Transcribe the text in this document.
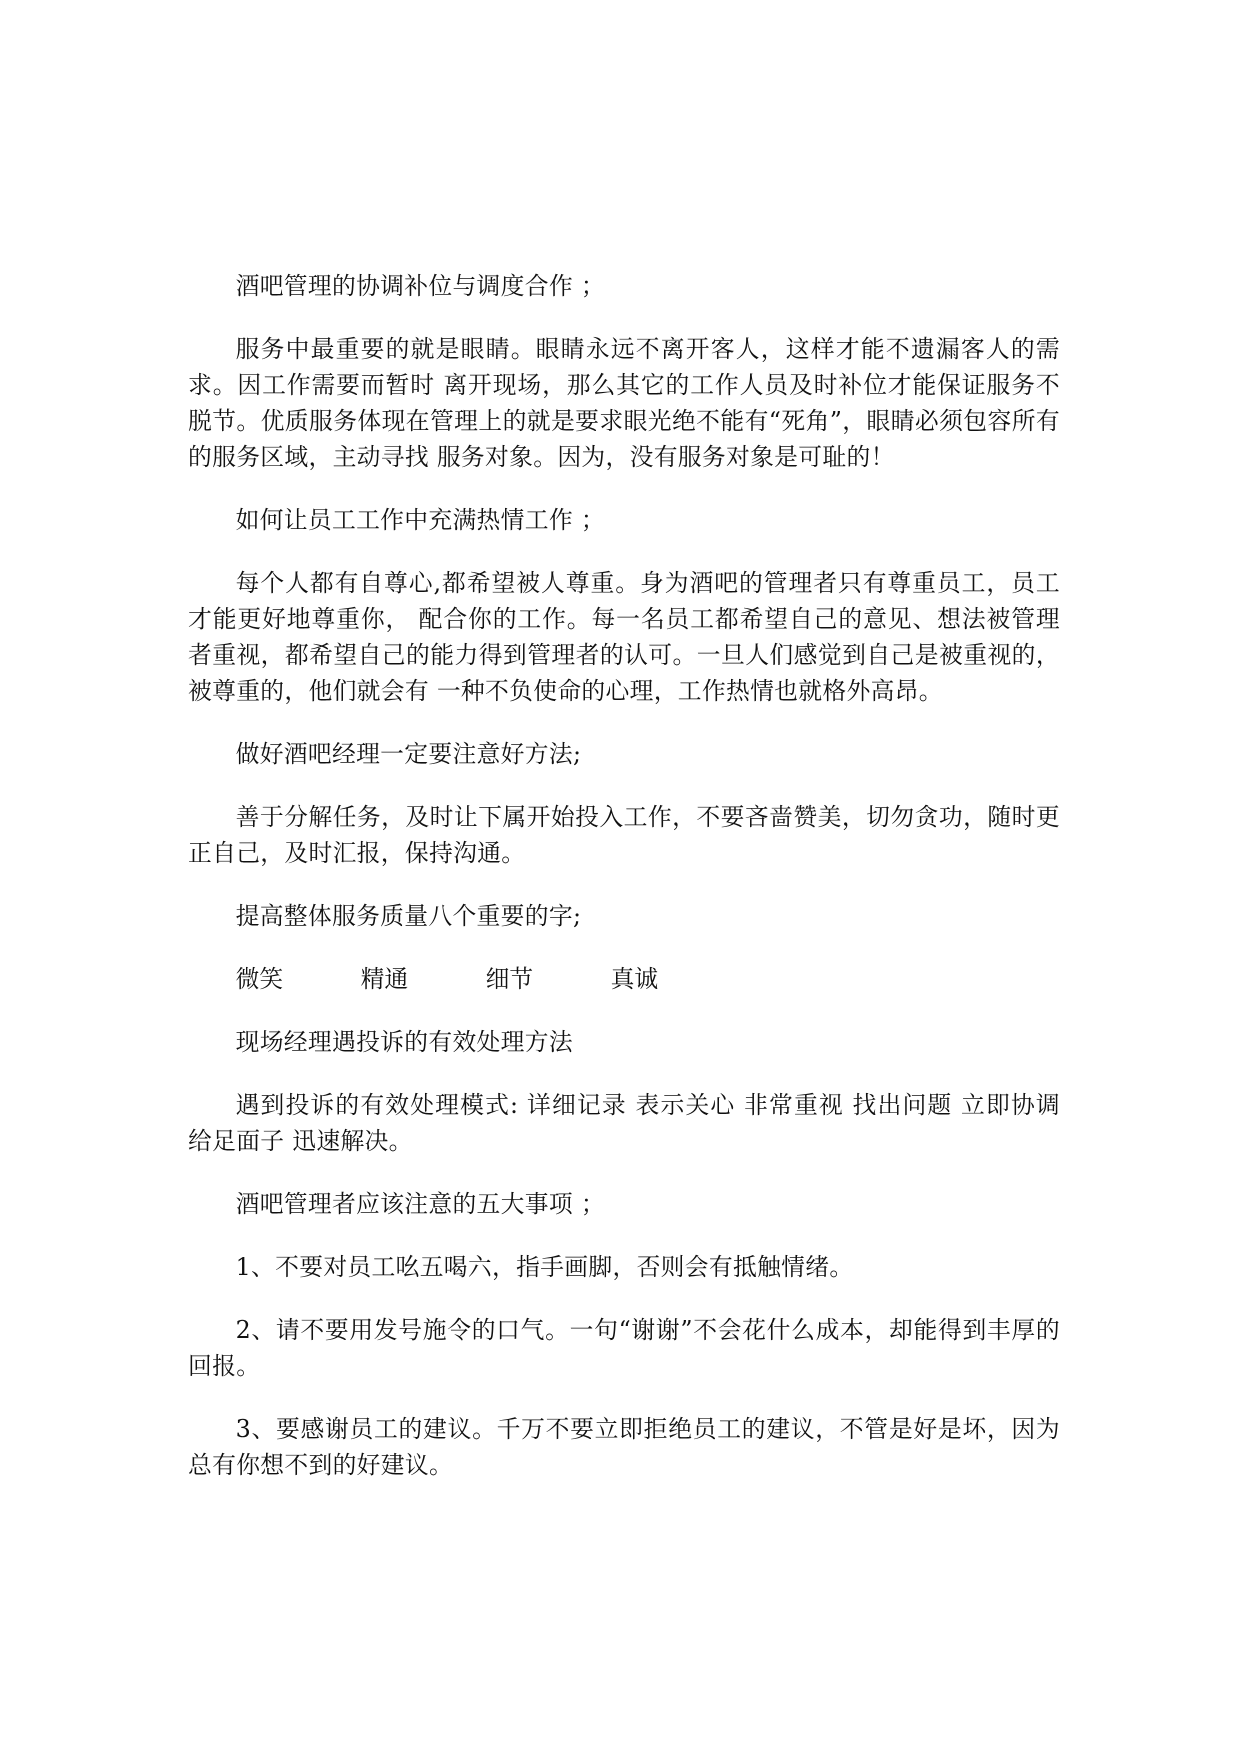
酒吧管理的协调补位与调度合作 ；

服务中最重要的就是眼睛。眼睛永远不离开客人，这样才能不遗漏客人的需求。因工作需要而暂时 离开现场，那么其它的工作人员及时补位才能保证服务不脱节。优质服务体现在管理上的就是要求眼光绝不能有“死角”，眼睛必须包容所有的服务区域，主动寻找 服务对象。因为，没有服务对象是可耻的！

如何让员工工作中充满热情工作 ；

每个人都有自尊心,都希望被人尊重。身为酒吧的管理者只有尊重员工，员工才能更好地尊重你， 配合你的工作。每一名员工都希望自己的意见、想法被管理者重视，都希望自己的能力得到管理者的认可。一旦人们感觉到自己是被重视的，被尊重的，他们就会有 一种不负使命的心理，工作热情也就格外高昂。

做好酒吧经理一定要注意好方法;

善于分解任务，及时让下属开始投入工作，不要吝啬赞美，切勿贪功，随时更正自己，及时汇报，保持沟通。

提高整体服务质量八个重要的字;

微笑	精通	细节	真诚

现场经理遇投诉的有效处理方法

遇到投诉的有效处理模式: 详细记录 表示关心 非常重视 找出问题 立即协调 给足面子 迅速解决。

酒吧管理者应该注意的五大事项 ；

1、不要对员工吆五喝六，指手画脚，否则会有抵触情绪。

2、请不要用发号施令的口气。一句“谢谢”不会花什么成本，却能得到丰厚的回报。

3、要感谢员工的建议。千万不要立即拒绝员工的建议，不管是好是坏，因为总有你想不到的好建议。
